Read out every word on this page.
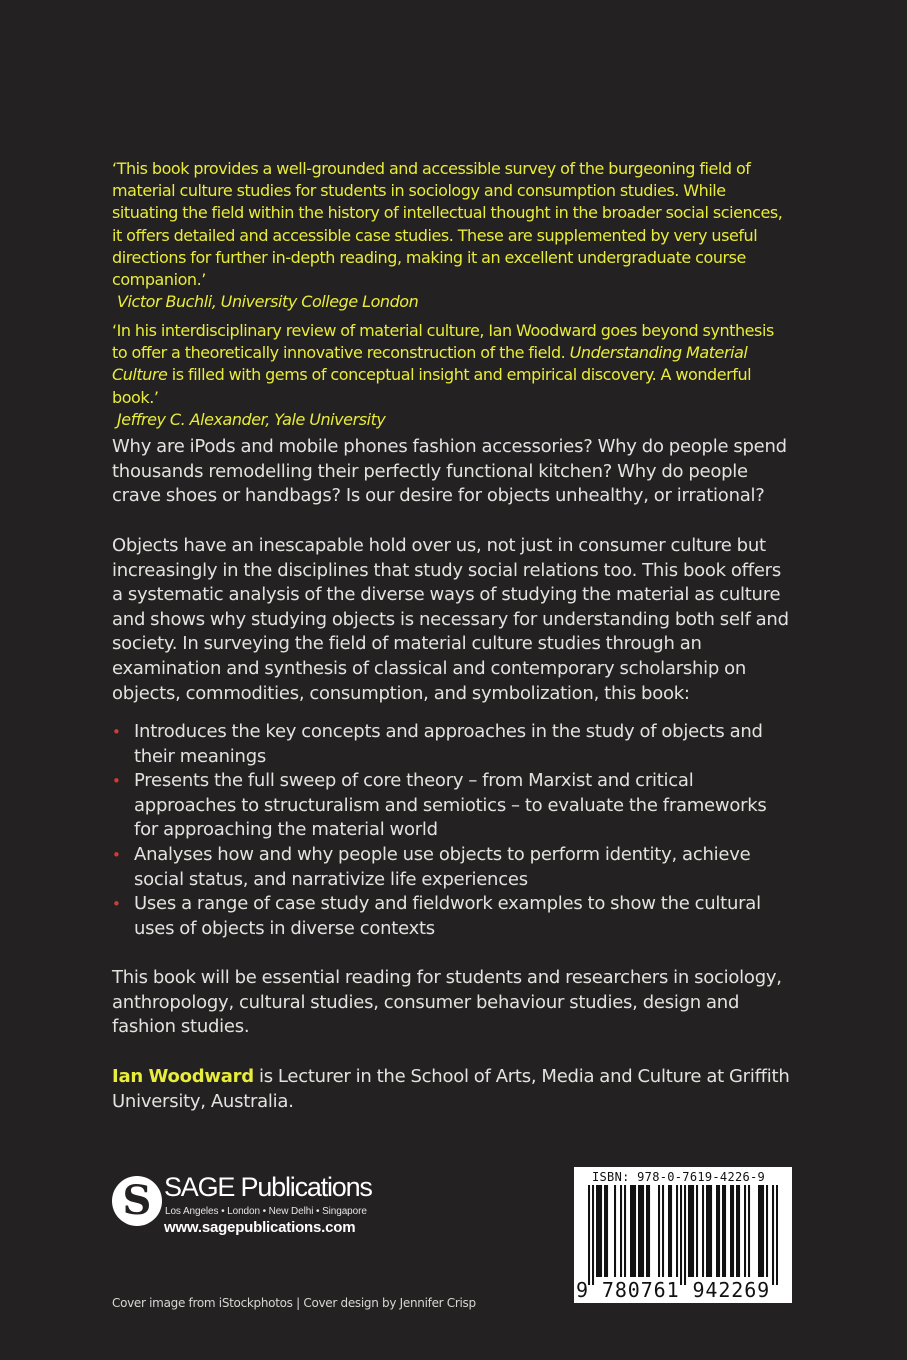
‘This book provides a well-grounded and accessible survey of the burgeoning field of material culture studies for students in sociology and consumption studies. While situating the field within the history of intellectual thought in the broader social sciences, it offers detailed and accessible case studies. These are supplemented by very useful directions for further in-depth reading, making it an excellent undergraduate course companion.’
Victor Buchli, University College London
‘In his interdisciplinary review of material culture, Ian Woodward goes beyond synthesis to offer a theoretically innovative reconstruction of the field. Understanding Material Culture is filled with gems of conceptual insight and empirical discovery. A wonderful book.’
Jeffrey C. Alexander, Yale University
Why are iPods and mobile phones fashion accessories? Why do people spend thousands remodelling their perfectly functional kitchen? Why do people crave shoes or handbags? Is our desire for objects unhealthy, or irrational?
Objects have an inescapable hold over us, not just in consumer culture but increasingly in the disciplines that study social relations too. This book offers a systematic analysis of the diverse ways of studying the material as culture and shows why studying objects is necessary for understanding both self and society. In surveying the field of material culture studies through an examination and synthesis of classical and contemporary scholarship on objects, commodities, consumption, and symbolization, this book:
• Introduces the key concepts and approaches in the study of objects and their meanings
• Presents the full sweep of core theory – from Marxist and critical approaches to structuralism and semiotics – to evaluate the frameworks for approaching the material world
• Analyses how and why people use objects to perform identity, achieve social status, and narrativize life experiences
• Uses a range of case study and fieldwork examples to show the cultural uses of objects in diverse contexts
This book will be essential reading for students and researchers in sociology, anthropology, cultural studies, consumer behaviour studies, design and fashion studies.
Ian Woodward is Lecturer in the School of Arts, Media and Culture at Griffith University, Australia.
S SAGE Publications
Los Angeles • London • New Delhi • Singapore
www.sagepublications.com
ISBN: 978-0-7619-4226-9
9 780761 942269
Cover image from iStockphotos | Cover design by Jennifer Crisp
